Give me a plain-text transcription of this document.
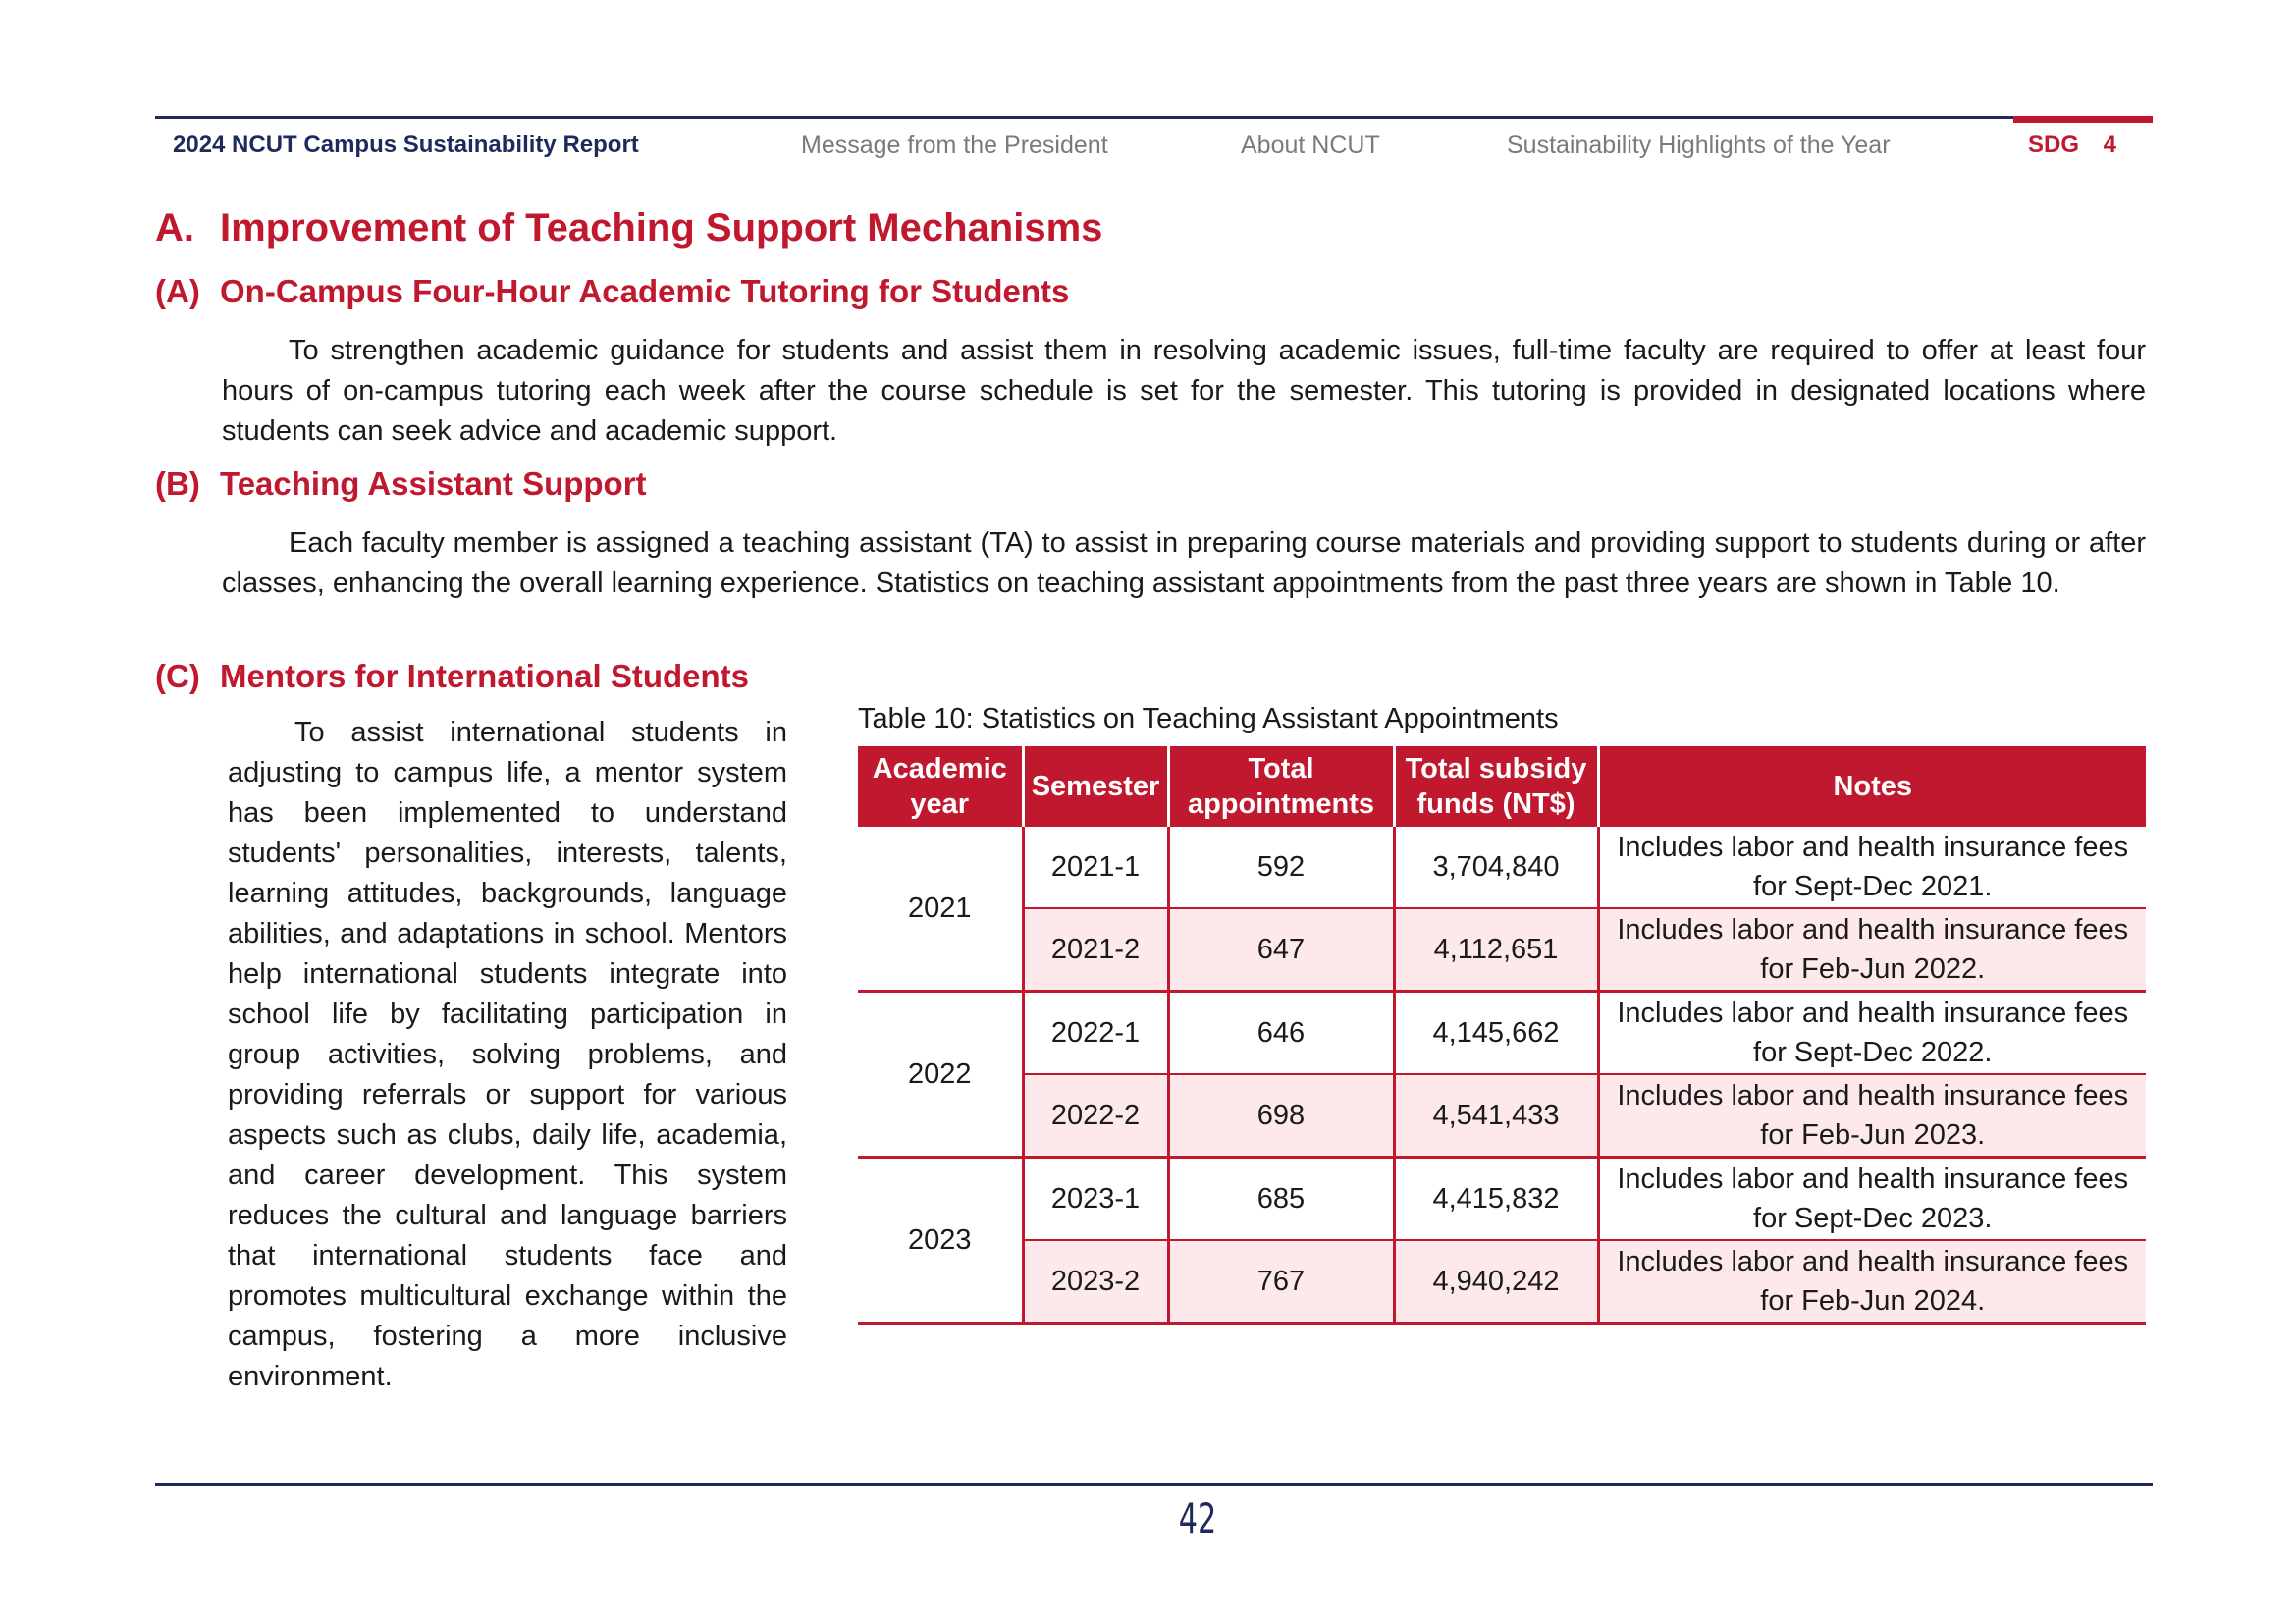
2024 NCUT Campus Sustainability Report	Message from the President	About NCUT	Sustainability Highlights of the Year	SDG 4
A. Improvement of Teaching Support Mechanisms
(A) On-Campus Four-Hour Academic Tutoring for Students
To strengthen academic guidance for students and assist them in resolving academic issues, full-time faculty are required to offer at least four hours of on-campus tutoring each week after the course schedule is set for the semester. This tutoring is provided in designated locations where students can seek advice and academic support.
(B) Teaching Assistant Support
Each faculty member is assigned a teaching assistant (TA) to assist in preparing course materials and providing support to students during or after classes, enhancing the overall learning experience. Statistics on teaching assistant appointments from the past three years are shown in Table 10.
(C) Mentors for International Students
To assist international students in adjusting to campus life, a mentor system has been implemented to understand students' personalities, interests, talents, learning attitudes, backgrounds, language abilities, and adaptations in school. Mentors help international students integrate into school life by facilitating participation in group activities, solving problems, and providing referrals or support for various aspects such as clubs, daily life, academia, and career development. This system reduces the cultural and language barriers that international students face and promotes multicultural exchange within the campus, fostering a more inclusive environment.
Table 10: Statistics on Teaching Assistant Appointments
Academic year	Semester	Total appointments	Total subsidy funds (NT$)	Notes
2021	2021-1	592	3,704,840	Includes labor and health insurance fees for Sept-Dec 2021.
	2021-2	647	4,112,651	Includes labor and health insurance fees for Feb-Jun 2022.
2022	2022-1	646	4,145,662	Includes labor and health insurance fees for Sept-Dec 2022.
	2022-2	698	4,541,433	Includes labor and health insurance fees for Feb-Jun 2023.
2023	2023-1	685	4,415,832	Includes labor and health insurance fees for Sept-Dec 2023.
	2023-2	767	4,940,242	Includes labor and health insurance fees for Feb-Jun 2024.
42
